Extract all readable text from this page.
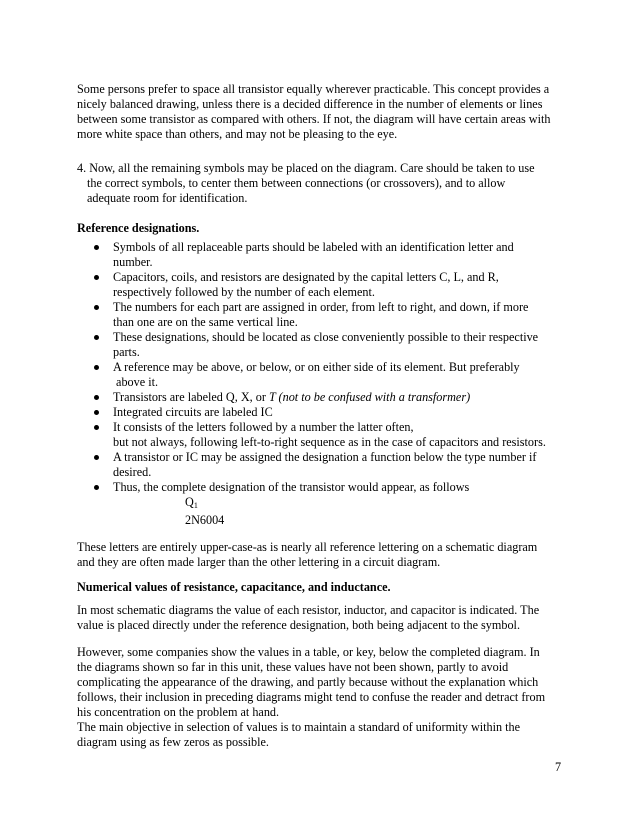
Some persons prefer to space all transistor equally wherever practicable. This concept provides a
nicely balanced drawing, unless there is a decided difference in the number of elements or lines
between some transistor as compared with others. If not, the diagram will have certain areas with
more white space than others, and may not be pleasing to the eye.

4. Now, all the remaining symbols may be placed on the diagram. Care should be taken to use
the correct symbols, to center them between connections (or crossovers), and to allow
adequate room for identification.

Reference designations.

Symbols of all replaceable parts should be labeled with an identification letter and
number.
Capacitors, coils, and resistors are designated by the capital letters C, L, and R,
respectively followed by the number of each element.
The numbers for each part are assigned in order, from left to right, and down, if more
than one are on the same vertical line.
These designations, should be located as close conveniently possible to their respective
parts.
A reference may be above, or below, or on either side of its element. But preferably
above it.
Transistors are labeled Q, X, or T (not to be confused with a transformer)
Integrated circuits are labeled IC
It consists of the letters followed by a number the latter often,
but not always, following left-to-right sequence as in the case of capacitors and resistors.
A transistor or IC may be assigned the designation a function below the type number if
desired.
Thus, the complete designation of the transistor would appear, as follows
$Q_1$
2N6004

These letters are entirely upper-case-as is nearly all reference lettering on a schematic diagram
and they are often made larger than the other lettering in a circuit diagram.

Numerical values of resistance, capacitance, and inductance.

In most schematic diagrams the value of each resistor, inductor, and capacitor is indicated. The
value is placed directly under the reference designation, both being adjacent to the symbol.

However, some companies show the values in a table, or key, below the completed diagram. In
the diagrams shown so far in this unit, these values have not been shown, partly to avoid
complicating the appearance of the drawing, and partly because without the explanation which
follows, their inclusion in preceding diagrams might tend to confuse the reader and detract from
his concentration on the problem at hand.
The main objective in selection of values is to maintain a standard of uniformity within the
diagram using as few zeros as possible.

7
